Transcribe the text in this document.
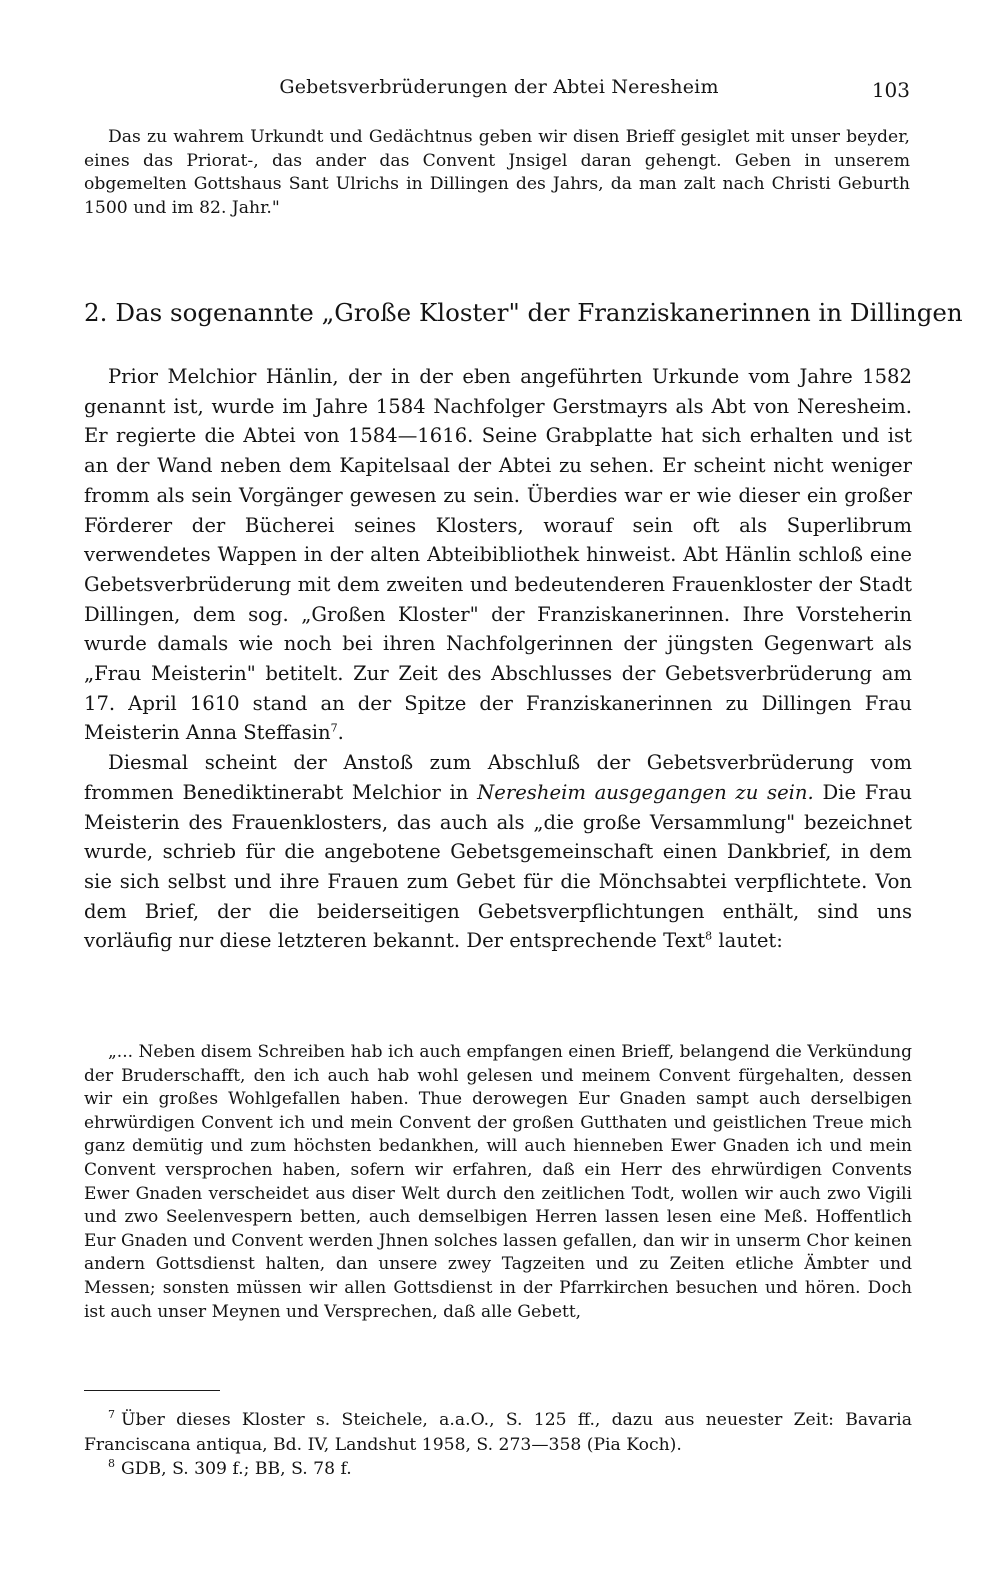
Gebetsverbrüderungen der Abtei Neresheim	103
Das zu wahrem Urkundt und Gedächtnus geben wir disen Brieff gesiglet mit unser beyder, eines das Priorat-, das ander das Convent Jnsigel daran gehengt. Geben in unserem obgemelten Gottshaus Sant Ulrichs in Dillingen des Jahrs, da man zalt nach Christi Geburth 1500 und im 82. Jahr."
2. Das sogenannte „Große Kloster" der Franziskanerinnen in Dillingen

Prior Melchior Hänlin, der in der eben angeführten Urkunde vom Jahre 1582 genannt ist, wurde im Jahre 1584 Nachfolger Gerstmayrs als Abt von Neresheim. Er regierte die Abtei von 1584—1616. Seine Grabplatte hat sich erhalten und ist an der Wand neben dem Kapitelsaal der Abtei zu sehen. Er scheint nicht weniger fromm als sein Vorgänger gewesen zu sein. Überdies war er wie dieser ein großer Förderer der Bücherei seines Klosters, worauf sein oft als Superlibrum verwendetes Wappen in der alten Abteibibliothek hinweist. Abt Hänlin schloß eine Gebetsverbrüderung mit dem zweiten und bedeutenderen Frauenkloster der Stadt Dillingen, dem sog. „Großen Kloster" der Franziskanerinnen. Ihre Vorsteherin wurde damals wie noch bei ihren Nachfolgerinnen der jüngsten Gegenwart als „Frau Meisterin" betitelt. Zur Zeit des Abschlusses der Gebetsverbrüderung am 17. April 1610 stand an der Spitze der Franziskanerinnen zu Dillingen Frau Meisterin Anna Steffasin$^7$.

Diesmal scheint der Anstoß zum Abschluß der Gebetsverbrüderung vom frommen Benediktinerabt Melchior in Neresheim ausgegangen zu sein. Die Frau Meisterin des Frauenklosters, das auch als „die große Versammlung" bezeichnet wurde, schrieb für die angebotene Gebetsgemeinschaft einen Dankbrief, in dem sie sich selbst und ihre Frauen zum Gebet für die Mönchsabtei verpflichtete. Von dem Brief, der die beiderseitigen Gebetsverpflichtungen enthält, sind uns vorläufig nur diese letzteren bekannt. Der entsprechende Text$^8$ lautet:

„... Neben disem Schreiben hab ich auch empfangen einen Brieff, belangend die Verkündung der Bruderschafft, den ich auch hab wohl gelesen und meinem Convent fürgehalten, dessen wir ein großes Wohlgefallen haben. Thue derowegen Eur Gnaden sampt auch derselbigen ehrwürdigen Convent ich und mein Convent der großen Gutthaten und geistlichen Treue mich ganz demütig und zum höchsten bedankhen, will auch hienneben Ewer Gnaden ich und mein Convent versprochen haben, sofern wir erfahren, daß ein Herr des ehrwürdigen Convents Ewer Gnaden verscheidet aus diser Welt durch den zeitlichen Todt, wollen wir auch zwo Vigili und zwo Seelenvespern betten, auch demselbigen Herren lassen lesen eine Meß. Hoffentlich Eur Gnaden und Convent werden Jhnen solches lassen gefallen, dan wir in unserm Chor keinen andern Gottsdienst halten, dan unsere zwey Tagzeiten und zu Zeiten etliche Ämbter und Messen; sonsten müssen wir allen Gottsdienst in der Pfarrkirchen besuchen und hören. Doch ist auch unser Meynen und Versprechen, daß alle Gebett,

$^7$ Über dieses Kloster s. Steichele, a.a.O., S. 125 ff., dazu aus neuester Zeit: Bavaria Franciscana antiqua, Bd. IV, Landshut 1958, S. 273—358 (Pia Koch).

$^8$ GDB, S. 309 f.; BB, S. 78 f.
